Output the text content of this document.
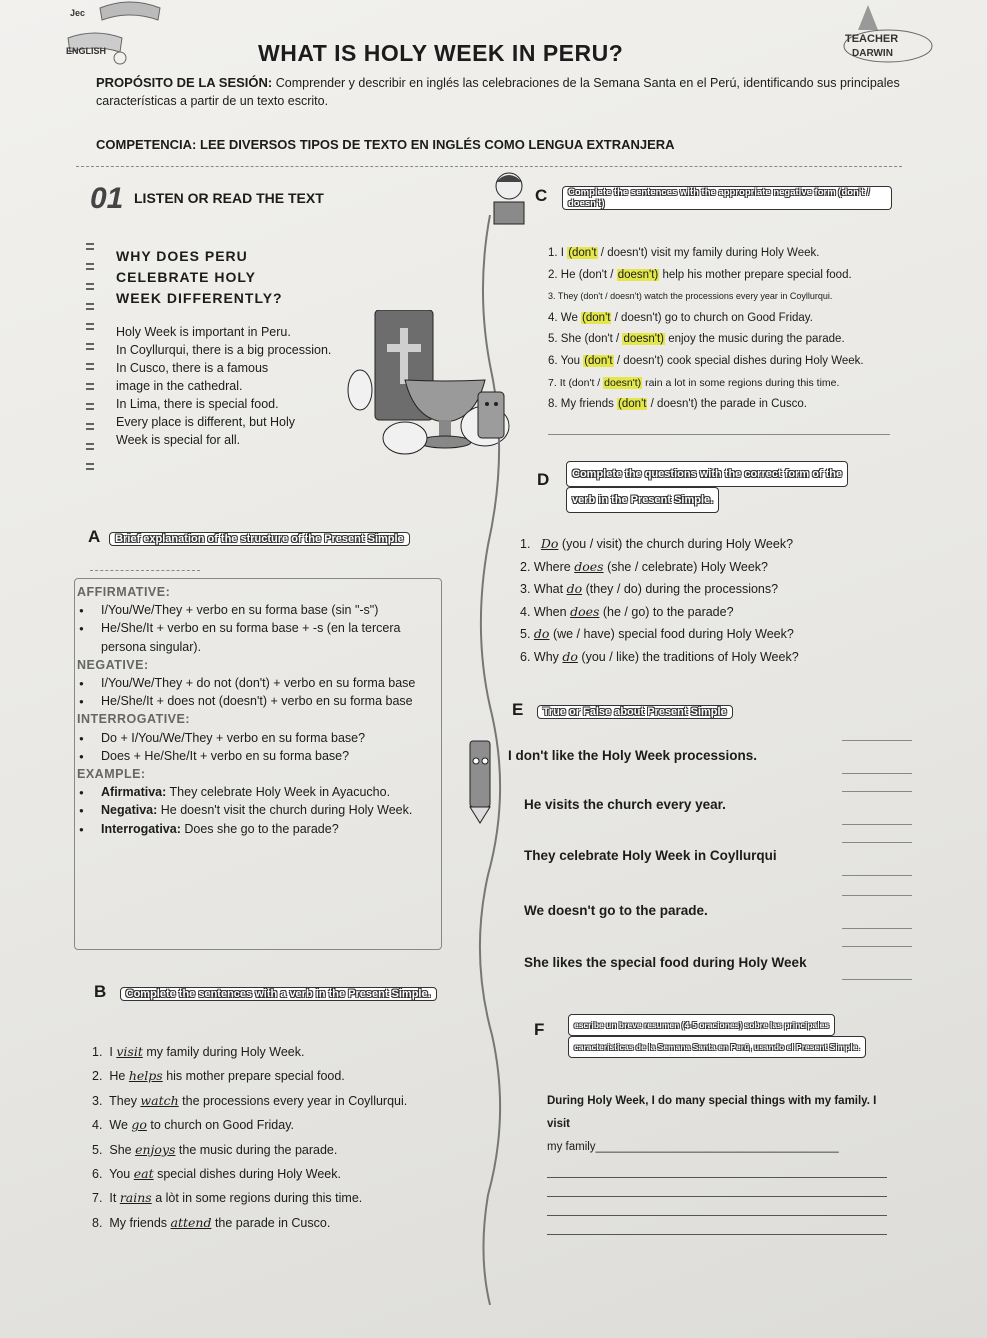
Jec
ENGLISH
TEACHER
DARWIN
WHAT IS HOLY WEEK IN PERU?
PROPÓSITO DE LA SESIÓN: Comprender y describir en inglés las celebraciones de la Semana Santa en el Perú, identificando sus principales características a partir de un texto escrito.
COMPETENCIA: LEE DIVERSOS TIPOS DE TEXTO EN INGLÉS COMO LENGUA EXTRANJERA
01 LISTEN OR READ THE TEXT
WHY DOES PERU
CELEBRATE HOLY
WEEK DIFFERENTLY?
Holy Week is important in Peru.
In Coyllurqui, there is a big procession.
In Cusco, there is a famous
image in the cathedral.
In Lima, there is special food.
Every place is different, but Holy
Week is special for all.
C	Complete the sentences with the appropriate negative form (don't / doesn't)
1. I (don't / doesn't) visit my family during Holy Week.
2. He (don't / doesn't) help his mother prepare special food.
3. They (don't / doesn't) watch the processions every year in Coyllurqui.
4. We (don't / doesn't) go to church on Good Friday.
5. She (don't / doesn't) enjoy the music during the parade.
6. You (don't / doesn't) cook special dishes during Holy Week.
7. It (don't / doesn't) rain a lot in some regions during this time.
8. My friends (don't / doesn't) the parade in Cusco.
D	Complete the questions with the correct form of the
verb in the Present Simple.
1. Do (you / visit) the church during Holy Week?
2. Where does (she / celebrate) Holy Week?
3. What do (they / do) during the processions?
4. When does (he / go) to the parade?
5. do (we / have) special food during Holy Week?
6. Why do (you / like) the traditions of Holy Week?
A Brief explanation of the structure of the Present Simple
AFFIRMATIVE:
● I/You/We/They + verbo en su forma base (sin "-s")
● He/She/It + verbo en su forma base + -s (en la tercera persona singular).
NEGATIVE:
● I/You/We/They + do not (don't) + verbo en su forma base
● He/She/It + does not (doesn't) + verbo en su forma base
INTERROGATIVE:
● Do + I/You/We/They + verbo en su forma base?
● Does + He/She/It + verbo en su forma base?
EXAMPLE:
● Afirmativa: They celebrate Holy Week in Ayacucho.
● Negativa: He doesn't visit the church during Holy Week.
● Interrogativa: Does she go to the parade?
E True or False about Present Simple
I don't like the Holy Week processions.
He visits the church every year.
They celebrate Holy Week in Coyllurqui
We doesn't go to the parade.
She likes the special food during Holy Week
B Complete the sentences with a verb in the Present Simple.
1.  I visit my family during Holy Week.
2.  He helps his mother prepare special food.
3.  They watch the processions every year in Coyllurqui.
4.  We go to church on Good Friday.
5.  She enjoys the music during the parade.
6.  You eat special dishes during Holy Week.
7.  It rains a lòt in some regions during this time.
8.  My friends attend the parade in Cusco.
F	escribe un breve resumen (4-5 oraciones) sobre las principales
características de la Semana Santa en Perú, usando el Present Simple.
During Holy Week, I do many special things with my family. I visit
my family______________________________________
